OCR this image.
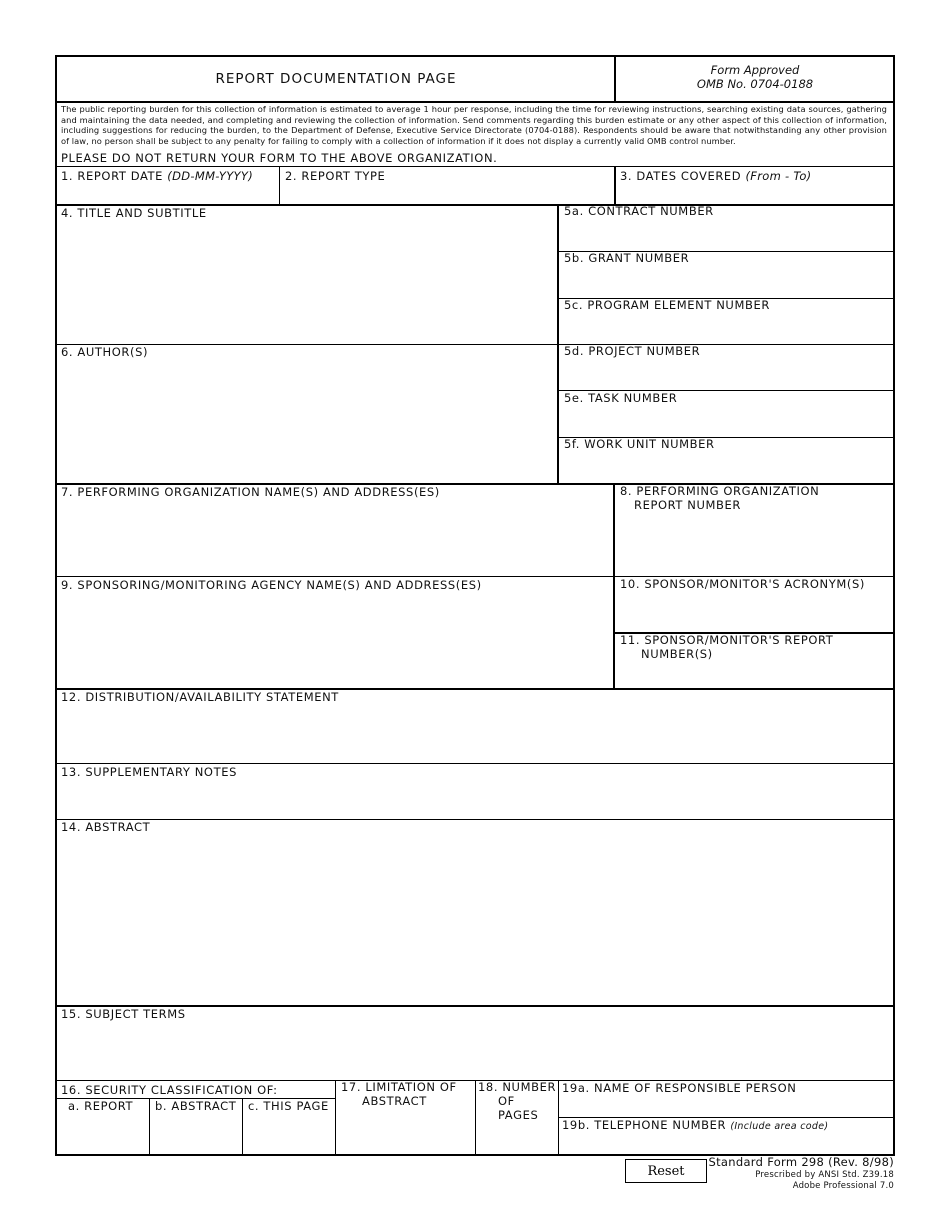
REPORT DOCUMENTATION PAGE
Form Approved
OMB No. 0704-0188
The public reporting burden for this collection of information is estimated to average 1 hour per response, including the time for reviewing instructions, searching existing data sources, gathering and maintaining the data needed, and completing and reviewing the collection of information. Send comments regarding this burden estimate or any other aspect of this collection of information, including suggestions for reducing the burden, to the Department of Defense, Executive Service Directorate (0704-0188). Respondents should be aware that notwithstanding any other provision of law, no person shall be subject to any penalty for failing to comply with a collection of information if it does not display a currently valid OMB control number.
PLEASE DO NOT RETURN YOUR FORM TO THE ABOVE ORGANIZATION.
1. REPORT DATE (DD-MM-YYYY)	2. REPORT TYPE	3. DATES COVERED (From - To)
4. TITLE AND SUBTITLE	5a. CONTRACT NUMBER
5b. GRANT NUMBER
5c. PROGRAM ELEMENT NUMBER
6. AUTHOR(S)	5d. PROJECT NUMBER
5e. TASK NUMBER
5f. WORK UNIT NUMBER
7. PERFORMING ORGANIZATION NAME(S) AND ADDRESS(ES)	8. PERFORMING ORGANIZATION
REPORT NUMBER
9. SPONSORING/MONITORING AGENCY NAME(S) AND ADDRESS(ES)	10. SPONSOR/MONITOR'S ACRONYM(S)
11. SPONSOR/MONITOR'S REPORT
NUMBER(S)
12. DISTRIBUTION/AVAILABILITY STATEMENT
13. SUPPLEMENTARY NOTES
14. ABSTRACT
15. SUBJECT TERMS
16. SECURITY CLASSIFICATION OF:
a. REPORT b. ABSTRACT c. THIS PAGE
17. LIMITATION OF
ABSTRACT
18. NUMBER
OF
PAGES
19a. NAME OF RESPONSIBLE PERSON
19b. TELEPHONE NUMBER (Include area code)
Reset
Standard Form 298 (Rev. 8/98)
Prescribed by ANSI Std. Z39.18
Adobe Professional 7.0
